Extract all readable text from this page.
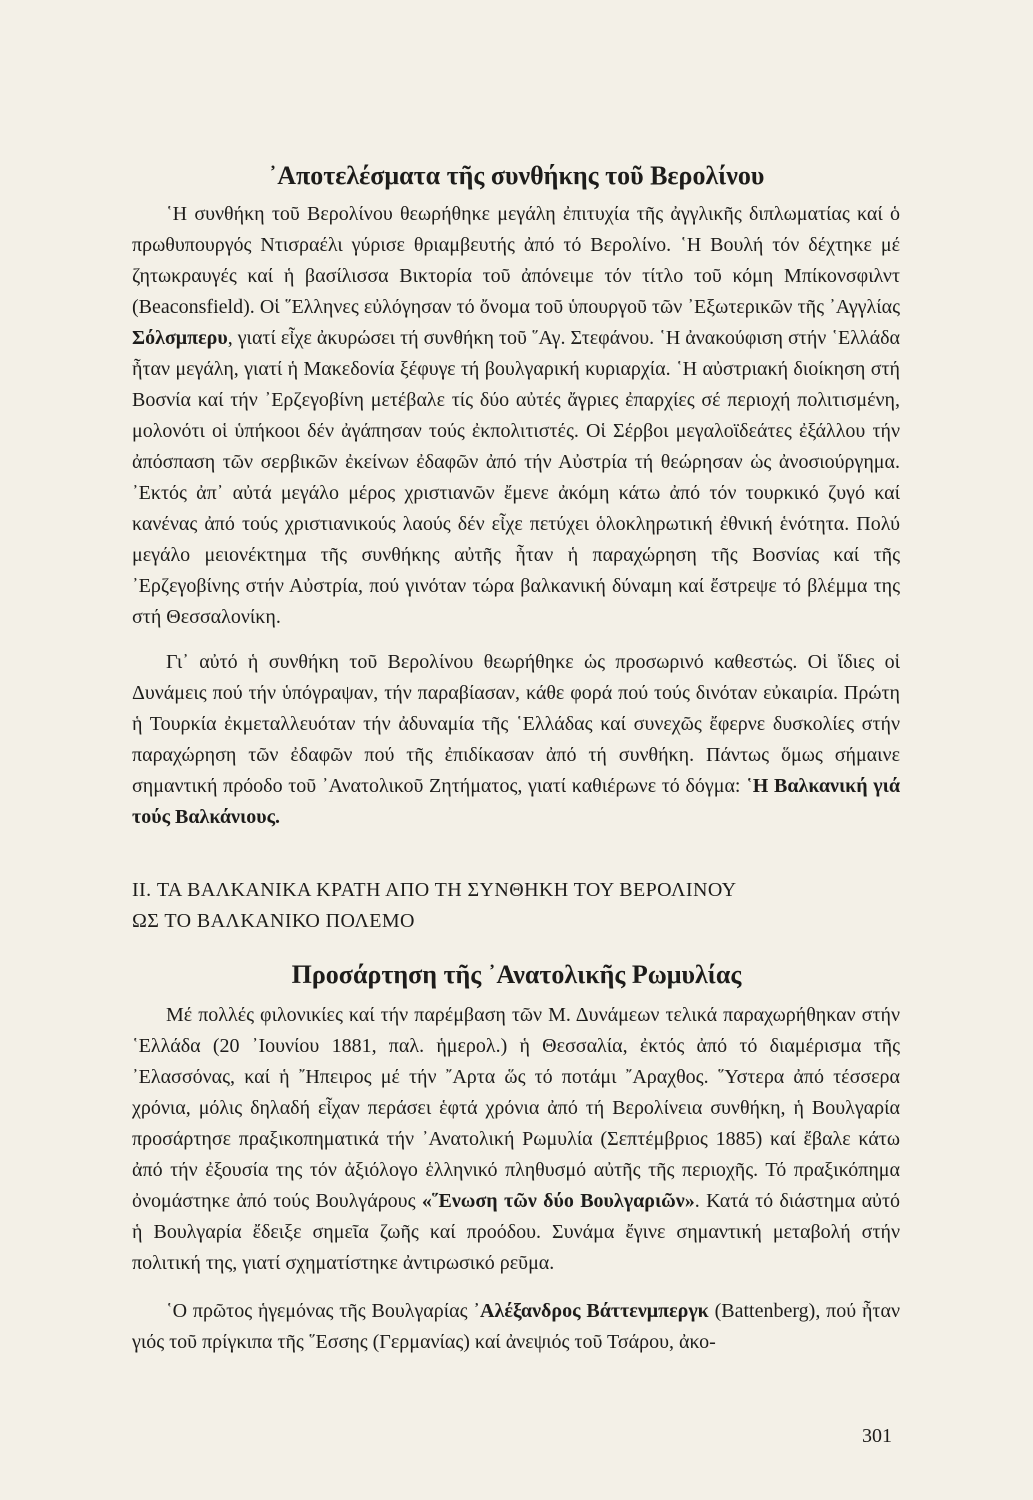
᾽Αποτελέσματα τῆς συνθήκης τοῦ Βερολίνου

῾Η συνθήκη τοῦ Βερολίνου θεωρήθηκε μεγάλη ἐπιτυχία τῆς ἀγγλικῆς διπλωματίας καί ὁ πρωθυπουργός Ντισραέλι γύρισε θριαμβευτής ἀπό τό Βερολίνο. ῾Η Βουλή τόν δέχτηκε μέ ζητωκραυγές καί ἡ βασίλισσα Βικτορία τοῦ ἀπόνειμε τόν τίτλο τοῦ κόμη Μπίκονσφιλντ (Beaconsfield). Οἱ ῞Ελληνες εὐλόγησαν τό ὄνομα τοῦ ὑπουργοῦ τῶν ᾽Εξωτερικῶν τῆς ᾽Αγγλίας Σόλσμπερυ, γιατί εἶχε ἀκυρώσει τή συνθήκη τοῦ ῞Αγ. Στεφάνου. ῾Η ἀνακούφιση στήν ῾Ελλάδα ἦταν μεγάλη, γιατί ἡ Μακεδονία ξέφυγε τή βουλγαρική κυριαρχία. ῾Η αὐστριακή διοίκηση στή Βοσνία καί τήν ᾽Ερζεγοβίνη μετέβαλε τίς δύο αὐτές ἄγριες ἐπαρχίες σέ περιοχή πολιτισμένη, μολονότι οἱ ὑπήκοοι δέν ἀγάπησαν τούς ἐκπολιτιστές. Οἱ Σέρβοι μεγαλοϊδεάτες ἐξάλλου τήν ἀπόσπαση τῶν σερβικῶν ἐκείνων ἐδαφῶν ἀπό τήν Αὐστρία τή θεώρησαν ὡς ἀνοσιούργημα. ᾽Εκτός ἀπ᾽ αὐτά μεγάλο μέρος χριστιανῶν ἔμενε ἀκόμη κάτω ἀπό τόν τουρκικό ζυγό καί κανένας ἀπό τούς χριστιανικούς λαούς δέν εἶχε πετύχει ὁλοκληρωτική ἐθνική ἑνότητα. Πολύ μεγάλο μειονέκτημα τῆς συνθήκης αὐτῆς ἦταν ἡ παραχώρηση τῆς Βοσνίας καί τῆς ᾽Ερζεγοβίνης στήν Αὐστρία, πού γινόταν τώρα βαλκανική δύναμη καί ἔστρεψε τό βλέμμα της στή Θεσσαλονίκη.

Γι᾽ αὐτό ἡ συνθήκη τοῦ Βερολίνου θεωρήθηκε ὡς προσωρινό καθεστώς. Οἱ ἴδιες οἱ Δυνάμεις πού τήν ὑπόγραψαν, τήν παραβίασαν, κάθε φορά πού τούς δινόταν εὐκαιρία. Πρώτη ἡ Τουρκία ἐκμεταλλευόταν τήν ἀδυναμία τῆς ῾Ελλάδας καί συνεχῶς ἔφερνε δυσκολίες στήν παραχώρηση τῶν ἐδαφῶν πού τῆς ἐπιδίκασαν ἀπό τή συνθήκη. Πάντως ὅμως σήμαινε σημαντική πρόοδο τοῦ ᾽Ανατολικοῦ Ζητήματος, γιατί καθιέρωνε τό δόγμα: ῾Η Βαλκανική γιά τούς Βαλκάνιους.

II. ΤΑ ΒΑΛΚΑΝΙΚΑ ΚΡΑΤΗ ΑΠΟ ΤΗ ΣΥΝΘΗΚΗ ΤΟΥ ΒΕΡΟΛΙΝΟΥ
ΩΣ ΤΟ ΒΑΛΚΑΝΙΚΟ ΠΟΛΕΜΟ
Προσάρτηση τῆς ᾽Ανατολικῆς Ρωμυλίας

Μέ πολλές φιλονικίες καί τήν παρέμβαση τῶν Μ. Δυνάμεων τελικά παραχωρήθηκαν στήν ῾Ελλάδα (20 ᾽Ιουνίου 1881, παλ. ἡμερολ.) ἡ Θεσσαλία, ἐκτός ἀπό τό διαμέρισμα τῆς ᾽Ελασσόνας, καί ἡ ῎Ηπειρος μέ τήν ῎Αρτα ὥς τό ποτάμι ῎Αραχθος. ῞Υστερα ἀπό τέσσερα χρόνια, μόλις δηλαδή εἶχαν περάσει ἑφτά χρόνια ἀπό τή Βερολίνεια συνθήκη, ἡ Βουλγαρία προσάρτησε πραξικοπηματικά τήν ᾽Ανατολική Ρωμυλία (Σεπτέμβριος 1885) καί ἔβαλε κάτω ἀπό τήν ἐξουσία της τόν ἀξιόλογο ἑλληνικό πληθυσμό αὐτῆς τῆς περιοχῆς. Τό πραξικόπημα ὀνομάστηκε ἀπό τούς Βουλγάρους «῞Ενωση τῶν δύο Βουλγαριῶν». Κατά τό διάστημα αὐτό ἡ Βουλγαρία ἔδειξε σημεῖα ζωῆς καί προόδου. Συνάμα ἔγινε σημαντική μεταβολή στήν πολιτική της, γιατί σχηματίστηκε ἀντιρωσικό ρεῦμα.

῾Ο πρῶτος ἡγεμόνας τῆς Βουλγαρίας ᾽Αλέξανδρος Βάττενμπεργκ (Battenberg), πού ἦταν γιός τοῦ πρίγκιπα τῆς ῞Εσσης (Γερμανίας) καί ἀνεψιός τοῦ Τσάρου, ἀκο-

301
